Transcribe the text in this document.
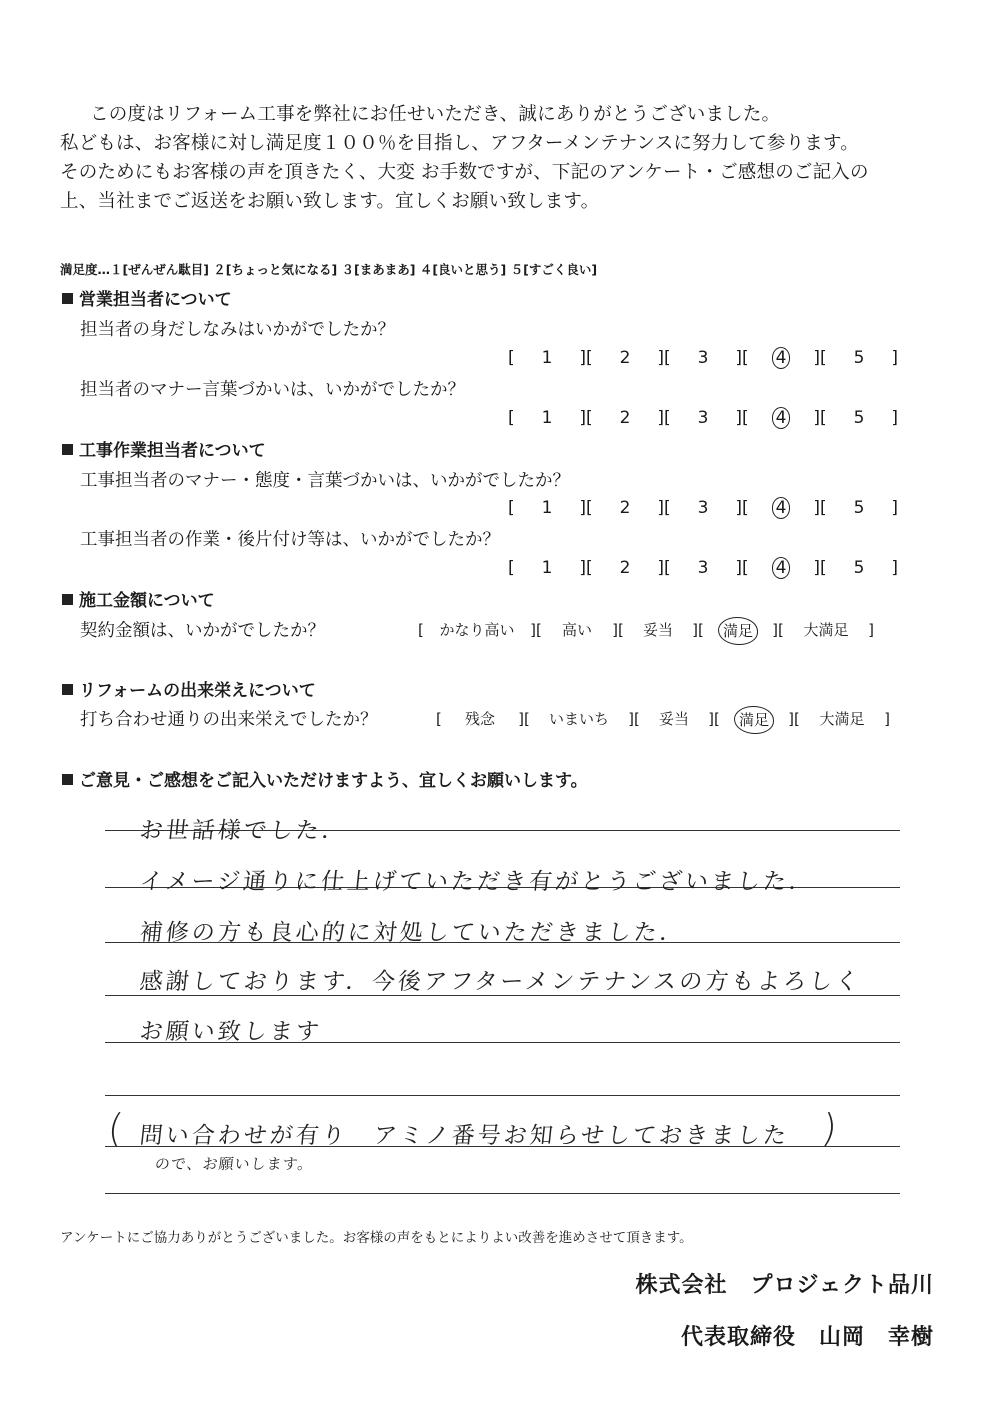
この度はリフォーム工事を弊社にお任せいただき、誠にありがとうございました。
私どもは、お客様に対し満足度１００％を目指し、アフターメンテナンスに努力して参ります。
そのためにもお客様の声を頂きたく、大変 お手数ですが、下記のアンケート・ご感想のご記入の
上、当社までご返送をお願い致します。宜しくお願い致します。
満足度…１[ぜんぜん駄目] ２[ちょっと気になる] ３[まあまあ] ４[良いと思う] ５[すごく良い]
営業担当者について
担当者の身だしなみはいかがでしたか？
[ 1 ] [ 2 ] [ 3 ] [ 4 ] [ 5 ]
担当者のマナー言葉づかいは、いかがでしたか？
[ 1 ] [ 2 ] [ 3 ] [ 4 ] [ 5 ]
工事作業担当者について
工事担当者のマナー・態度・言葉づかいは、いかがでしたか？
[ 1 ] [ 2 ] [ 3 ] [ 4 ] [ 5 ]
工事担当者の作業・後片付け等は、いかがでしたか？
[ 1 ] [ 2 ] [ 3 ] [ 4 ] [ 5 ]
施工金額について
契約金額は、いかがでしたか？	[ かなり高い ] [ 高い ] [ 妥当 ] [ 満足 ] [ 大満足 ]
リフォームの出来栄えについて
打ち合わせ通りの出来栄えでしたか？	[ 残念 ] [ いまいち ] [ 妥当 ] [ 満足 ] [ 大満足 ]
ご意見・ご感想をご記入いただけますよう、宜しくお願いします。
お世話様でした．
イメージ通りに仕上げていただき有がとうございました．
補修の方も良心的に対処していただきました．
感謝しております．今後アフターメンテナンスの方もよろしく
お願い致します
( 問い合わせが有り　アミノ番号お知らせしておきました )
ので、お願いします。
アンケートにご協力ありがとうございました。お客様の声をもとによりよい改善を進めさせて頂きます。
株式会社　プロジェクト品川
代表取締役　山岡　幸樹
